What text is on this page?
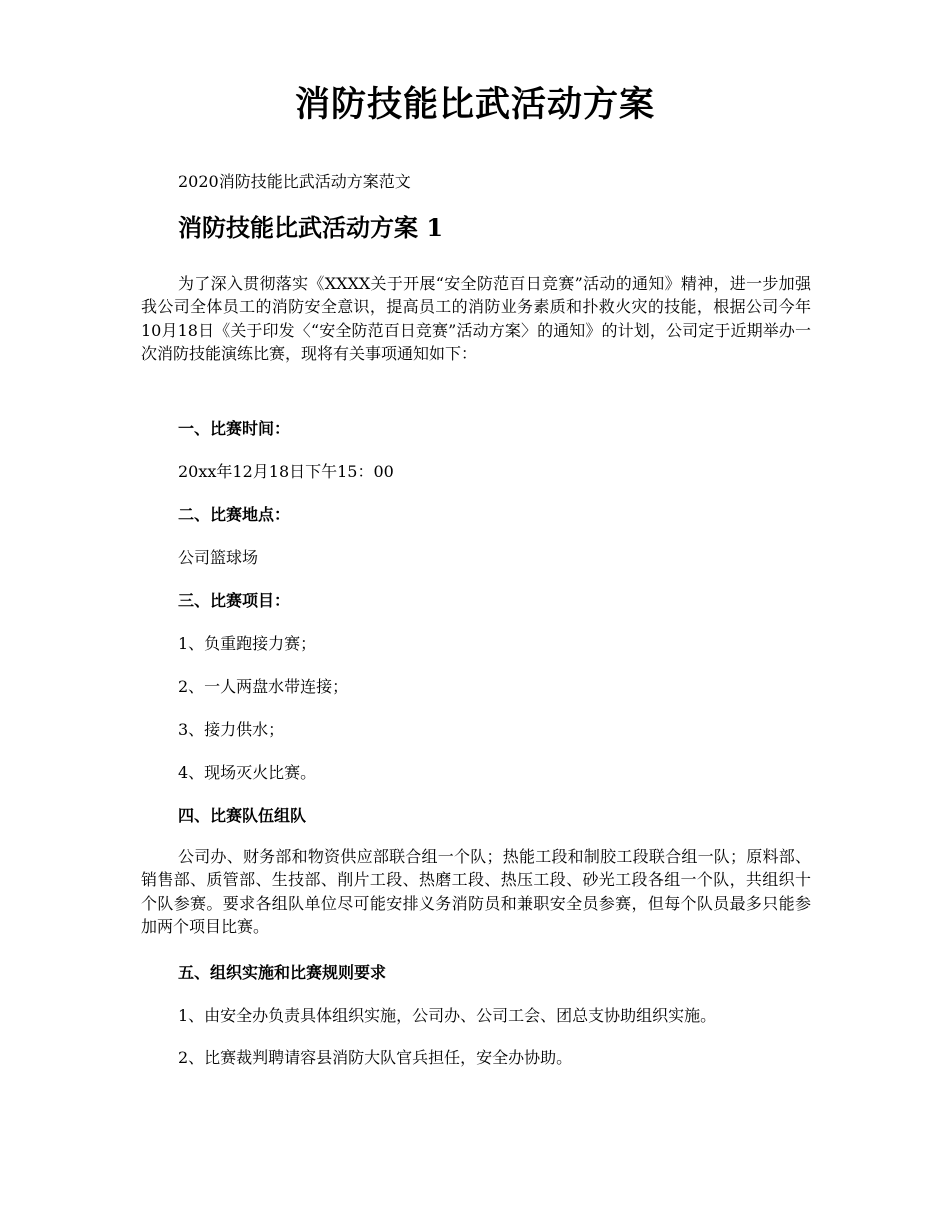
消防技能比武活动方案
2020消防技能比武活动方案范文
消防技能比武活动方案 1

为了深入贯彻落实《XXXX关于开展“安全防范百日竞赛”活动的通知》精神，进一步加强我公司全体员工的消防安全意识，提高员工的消防业务素质和扑救火灾的技能，根据公司今年10月18日《关于印发〈“安全防范百日竞赛”活动方案〉的通知》的计划，公司定于近期举办一次消防技能演练比赛，现将有关事项通知如下：

一、比赛时间：
20xx年12月18日下午15：00
二、比赛地点：
公司篮球场
三、比赛项目：
1、负重跑接力赛；
2、一人两盘水带连接；
3、接力供水；
4、现场灭火比赛。
四、比赛队伍组队

公司办、财务部和物资供应部联合组一个队；热能工段和制胶工段联合组一队；原料部、销售部、质管部、生技部、削片工段、热磨工段、热压工段、砂光工段各组一个队，共组织十个队参赛。要求各组队单位尽可能安排义务消防员和兼职安全员参赛，但每个队员最多只能参加两个项目比赛。

五、组织实施和比赛规则要求
1、由安全办负责具体组织实施，公司办、公司工会、团总支协助组织实施。
2、比赛裁判聘请容县消防大队官兵担任，安全办协助。
